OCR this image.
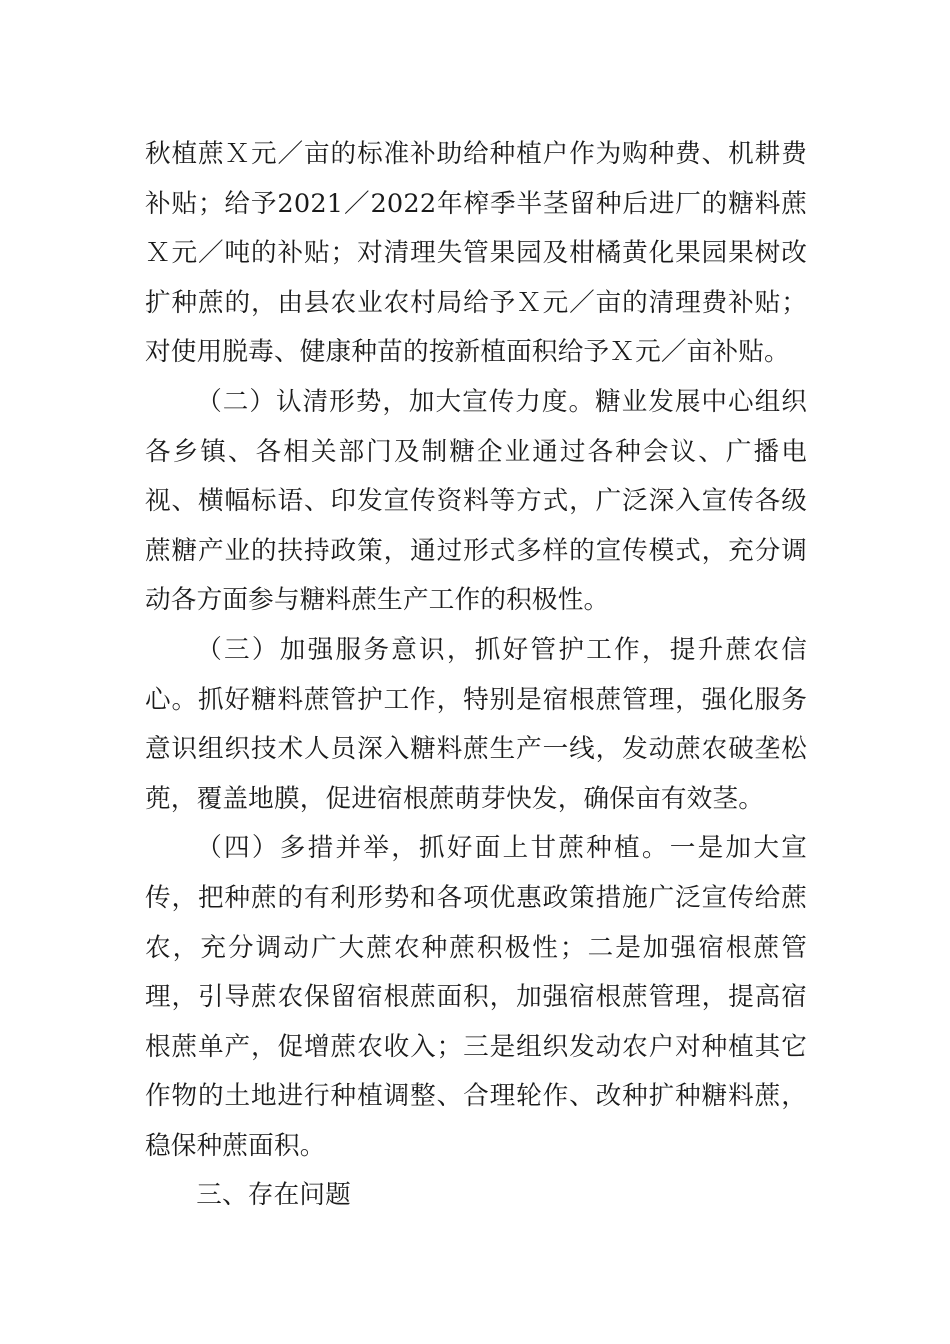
秋植蔗Ｘ元／亩的标准补助给种植户作为购种费、机耕费补贴；给予2021／2022年榨季半茎留种后进厂的糖料蔗Ｘ元／吨的补贴；对清理失管果园及柑橘黄化果园果树改扩种蔗的，由县农业农村局给予Ｘ元／亩的清理费补贴；对使用脱毒、健康种苗的按新植面积给予Ｘ元／亩补贴。

（二）认清形势，加大宣传力度。糖业发展中心组织各乡镇、各相关部门及制糖企业通过各种会议、广播电视、横幅标语、印发宣传资料等方式，广泛深入宣传各级蔗糖产业的扶持政策，通过形式多样的宣传模式，充分调动各方面参与糖料蔗生产工作的积极性。

（三）加强服务意识，抓好管护工作，提升蔗农信心。抓好糖料蔗管护工作，特别是宿根蔗管理，强化服务意识组织技术人员深入糖料蔗生产一线，发动蔗农破垄松蔸，覆盖地膜，促进宿根蔗萌芽快发，确保亩有效茎。

（四）多措并举，抓好面上甘蔗种植。一是加大宣传，把种蔗的有利形势和各项优惠政策措施广泛宣传给蔗农，充分调动广大蔗农种蔗积极性；二是加强宿根蔗管理，引导蔗农保留宿根蔗面积，加强宿根蔗管理，提高宿根蔗单产，促增蔗农收入；三是组织发动农户对种植其它作物的土地进行种植调整、合理轮作、改种扩种糖料蔗，稳保种蔗面积。

三、存在问题
